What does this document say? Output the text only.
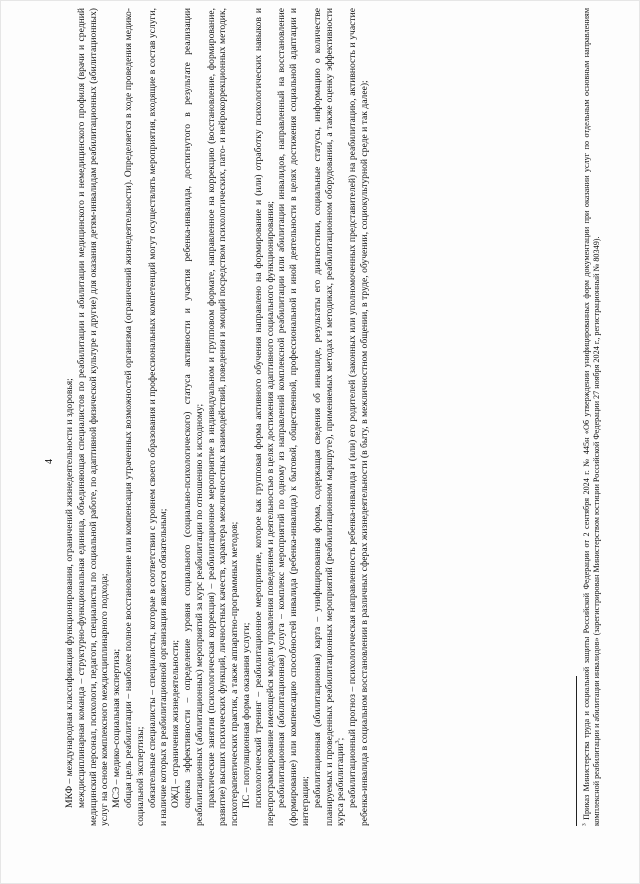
4

МКФ – международная классификация функционирования, ограничений жизнедеятельности и здоровья; междисциплинарная команда – структурно-функциональная единица, объединяющая специалистов по реабилитации и абилитации медицинского и немедицинского профиля (врачи и средний медицинский персонал, психологи, педагоги, специалисты по социальной работе, по адаптивной физической культуре и другие) для оказания детям-инвалидам реабилитационных (абилитационных) услуг на основе комплексного междисциплинарного подхода; МСЭ – медико-социальная экспертиза; общая цель реабилитации – наиболее полное восстановление или компенсация утраченных возможностей организма (ограничений жизнедеятельности). Определяется в ходе проведения медико-социальной экспертизы; обязательные специалисты – специалисты, которые в соответствии с уровнем своего образования и профессиональных компетенций могут осуществлять мероприятия, входящие в состав услуги, и наличие которых в реабилитационной организации является обязательным; ОЖД – ограничения жизнедеятельности; оценка эффективности – определение уровня социального (социально-психологического) статуса активности и участия ребенка-инвалида, достигнутого в результате реализации реабилитационных (абилитационных) мероприятий за курс реабилитации по отношению к исходному; практические занятия (психологическая коррекция) – реабилитационное мероприятие в индивидуальном и групповом формате, направленное на коррекцию (восстановление, формирование, развитие) высших психических функций, личностных качеств, характера межличностных взаимодействий, поведения и эмоций посредством психологических, пато- и нейрокоррекционных методик, психотерапевтических практик, а также аппаратно-программных методов; ПС – популяционная форма оказания услуги; психологический тренинг – реабилитационное мероприятие, которое как групповая форма активного обучения направлено на формирование и (или) отработку психологических навыков и перепрограммирование имеющейся модели управления поведением и деятельностью в целях достижения адаптивного социального функционирования; реабилитационная (абилитационная) услуга – комплекс мероприятий по одному из направлений комплексной реабилитации или абилитации инвалидов, направленный на восстановление (формирование) или компенсацию способностей инвалида (ребенка-инвалида) к бытовой, общественной, профессиональной и иной деятельности в целях достижения социальной адаптации и интеграции; реабилитационная (абилитационная) карта – унифицированная форма, содержащая сведения об инвалиде, результаты его диагностики, социальные статусы, информацию о количестве планируемых и проведенных реабилитационных мероприятий (реабилитационном маршруте), применяемых методах и методиках, реабилитационном оборудовании, а также оценку эффективности курса реабилитации$^3$; реабилитационный прогноз – психологическая направленность ребенка-инвалида и (или) его родителей (законных или уполномоченных представителей) на реабилитацию, активность и участие ребенка-инвалида в социальном восстановлении в различных сферах жизнедеятельности (в быту, в межличностном общении, в труде, обучении, социокультурной среде и так далее);	$^3$ Приказ Министерства труда и социальной защиты Российской Федерации от 2 сентября 2024 г. № 445н «Об утверждении унифицированных форм документации при оказании услуг по отдельным основным направлениям комплексной реабилитации и абилитации инвалидов» (зарегистрирован Министерством юстиции Российской Федерации 27 ноября 2024 г., регистрационный № 80349).
